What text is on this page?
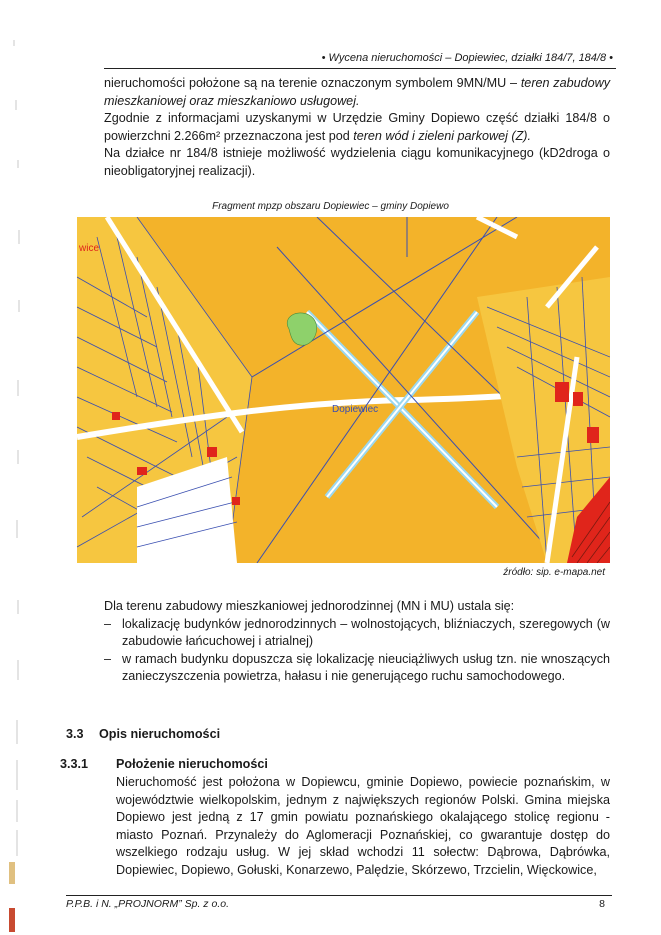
• Wycena nieruchomości – Dopiewiec, działki 184/7, 184/8 •

nieruchomości położone są na terenie oznaczonym symbolem 9MN/MU – teren zabudowy mieszkaniowej oraz mieszkaniowo usługowej.

Zgodnie z informacjami uzyskanymi w Urzędzie Gminy Dopiewo część działki 184/8 o powierzchni 2.266m² przeznaczona jest pod teren wód i zieleni parkowej (Z).

Na działce nr 184/8 istnieje możliwość wydzielenia ciągu komunikacyjnego (kD2droga o nieobligatoryjnej realizacji).

Fragment mpzp obszaru Dopiewiec – gminy Dopiewo
Dopiewiec
wice
źródło: sip. e-mapa.net

Dla terenu zabudowy mieszkaniowej jednorodzinnej (MN i MU) ustala się:

– lokalizację budynków jednorodzinnych – wolnostojących, bliźniaczych, szeregowych (w zabudowie łańcuchowej i atrialnej)
– w ramach budynku dopuszcza się lokalizację nieuciążliwych usług tzn. nie wnoszących zanieczyszczenia powietrza, hałasu i nie generującego ruchu samochodowego.
3.3 Opis nieruchomości
3.3.1 Położenie nieruchomości
Nieruchomość jest położona w Dopiewcu, gminie Dopiewo, powiecie poznańskim, w województwie wielkopolskim, jednym z największych regionów Polski. Gmina miejska Dopiewo jest jedną z 17 gmin powiatu poznańskiego okalającego stolicę regionu - miasto Poznań. Przynależy do Aglomeracji Poznańskiej, co gwarantuje dostęp do wszelkiego rodzaju usług. W jej skład wchodzi 11 sołectw: Dąbrowa, Dąbrówka, Dopiewiec, Dopiewo, Gołuski, Konarzewo, Palędzie, Skórzewo, Trzcielin, Więckowice,
P.P.B. i N. „PROJNORM” Sp. z o.o.	8
